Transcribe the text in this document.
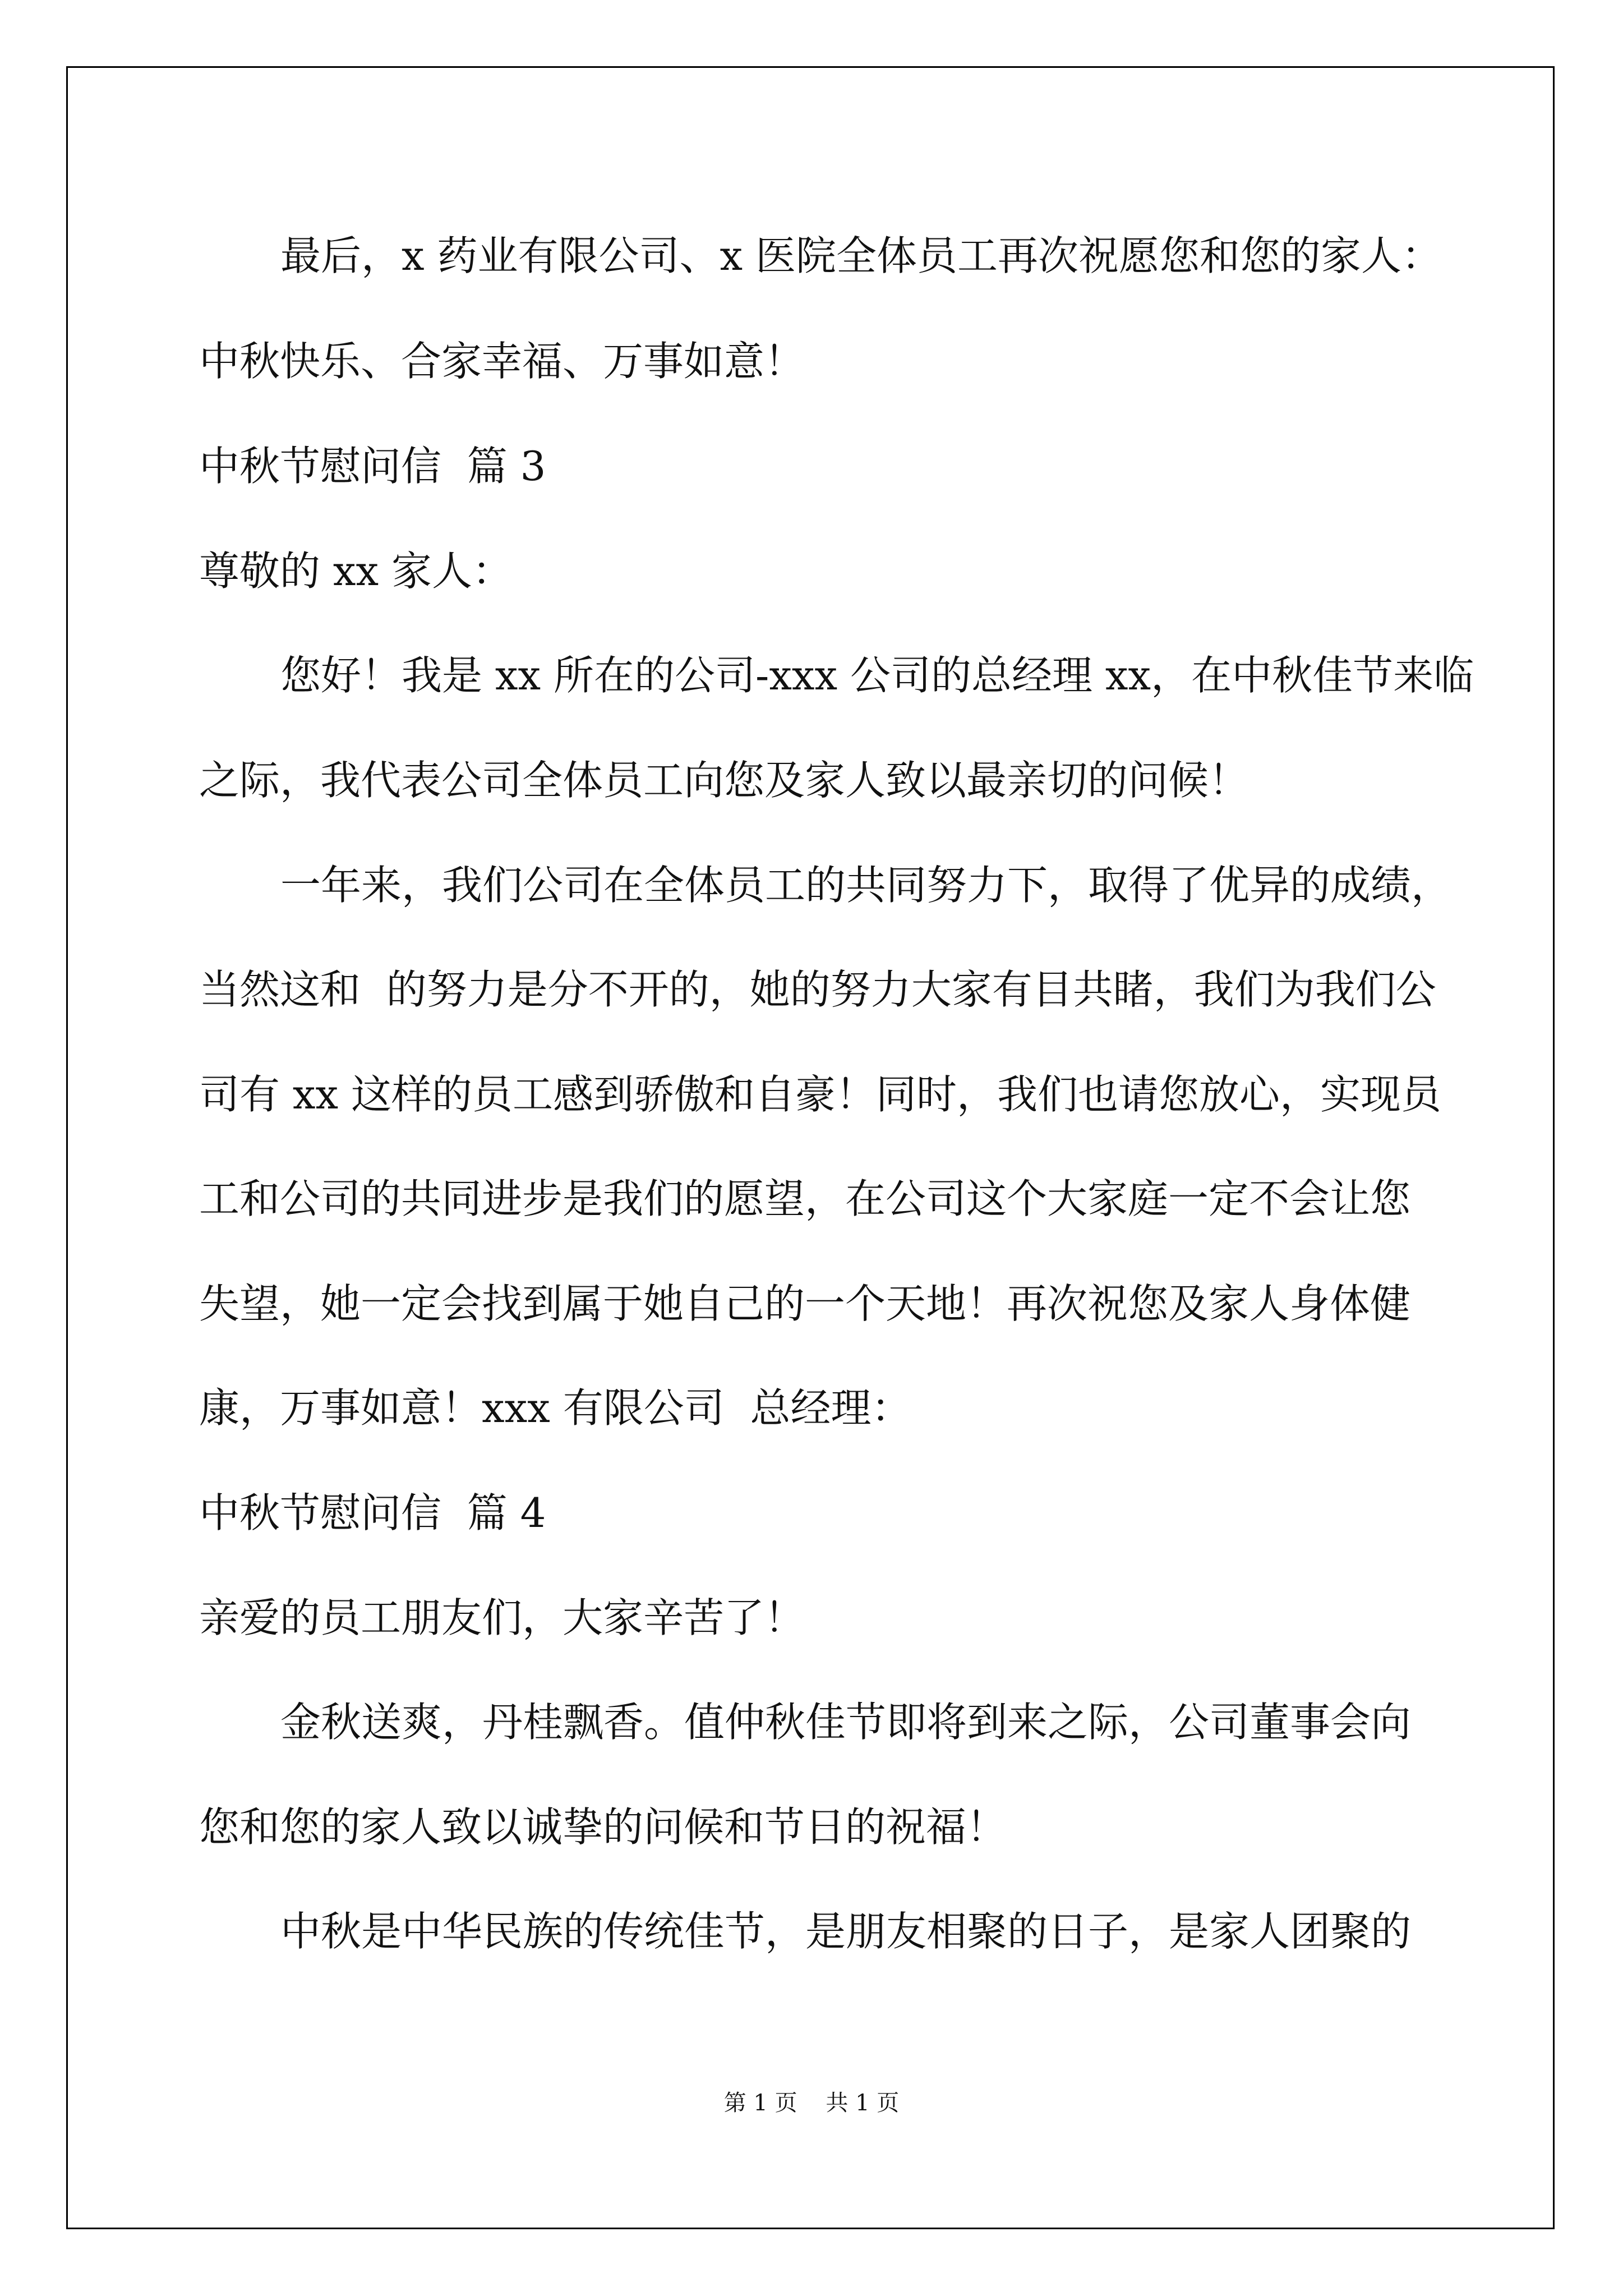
最后，x 药业有限公司、x 医院全体员工再次祝愿您和您的家人：
中秋快乐、合家幸福、万事如意！
中秋节慰问信  篇 3
尊敬的 xx 家人：
您好！我是 xx 所在的公司-xxx 公司的总经理 xx，在中秋佳节来临
之际，我代表公司全体员工向您及家人致以最亲切的问候！
一年来，我们公司在全体员工的共同努力下，取得了优异的成绩，
当然这和  的努力是分不开的，她的努力大家有目共睹，我们为我们公
司有 xx 这样的员工感到骄傲和自豪！同时，我们也请您放心，实现员
工和公司的共同进步是我们的愿望，在公司这个大家庭一定不会让您
失望，她一定会找到属于她自己的一个天地！再次祝您及家人身体健
康，万事如意！xxx 有限公司  总经理：
中秋节慰问信  篇 4
亲爱的员工朋友们，大家辛苦了！
金秋送爽，丹桂飘香。值仲秋佳节即将到来之际，公司董事会向
您和您的家人致以诚挚的问候和节日的祝福！
中秋是中华民族的传统佳节，是朋友相聚的日子，是家人团聚的
第 1 页    共 1 页
